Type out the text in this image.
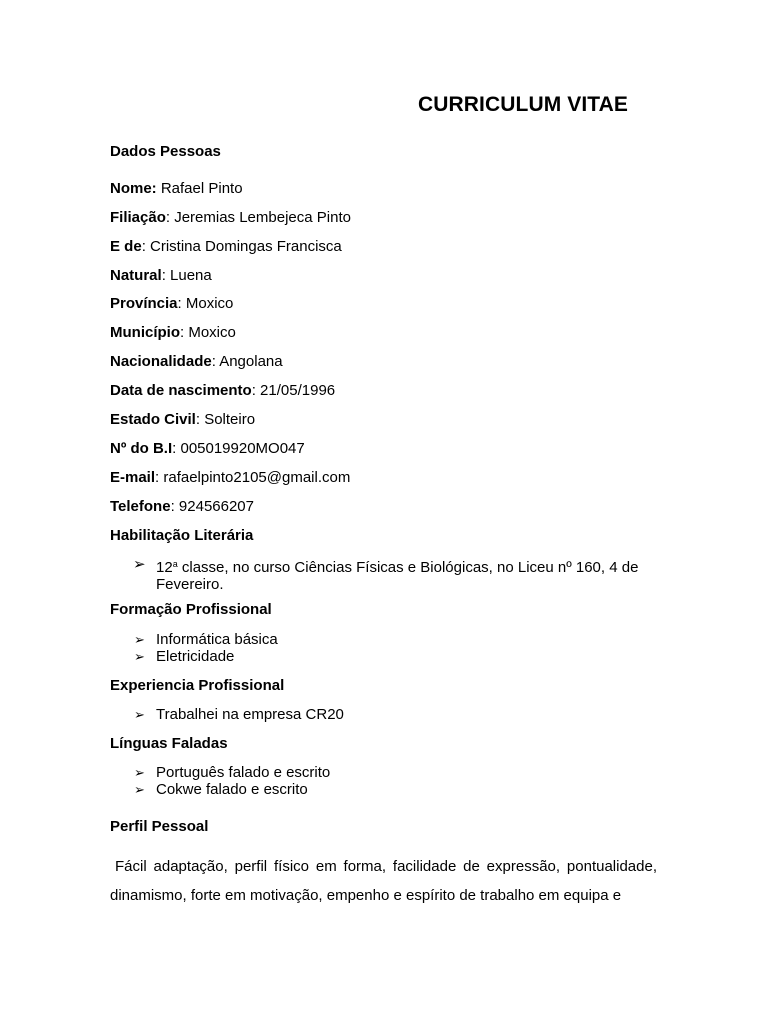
CURRICULUM VITAE
Dados Pessoas
Nome: Rafael Pinto
Filiação: Jeremias Lembejeca Pinto
E de: Cristina Domingas Francisca
Natural: Luena
Província: Moxico
Município: Moxico
Nacionalidade: Angolana
Data de nascimento: 21/05/1996
Estado Civil: Solteiro
Nº do B.I: 005019920MO047
E-mail: rafaelpinto2105@gmail.com
Telefone: 924566207
Habilitação Literária
➢ 12$^a$ classe, no curso Ciências Físicas e Biológicas, no Liceu nº 160, 4 de Fevereiro.
Formação Profissional
➢ Informática básica
➢ Eletricidade
Experiencia Profissional
➢ Trabalhei na empresa CR20
Línguas Faladas
➢ Português falado e escrito
➢ Cokwe falado e escrito
Perfil Pessoal
Fácil adaptação, perfil físico em forma, facilidade de expressão, pontualidade, dinamismo, forte em motivação, empenho e espírito de trabalho em equipa e
